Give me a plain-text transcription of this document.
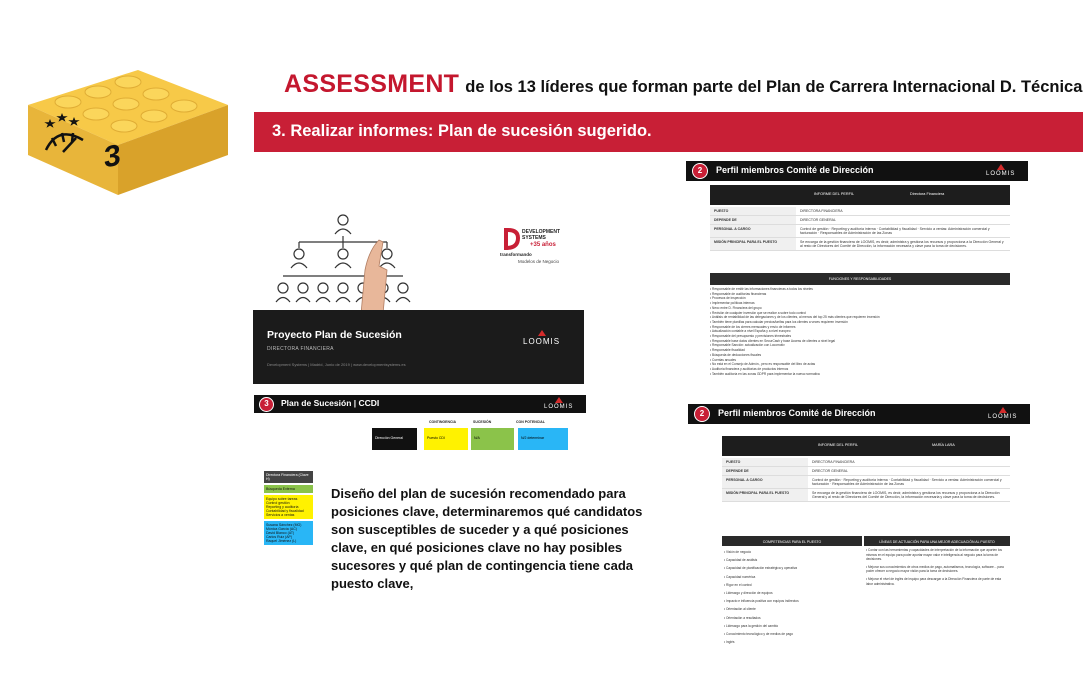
3
ASSESSMENT de los 13 líderes que forman parte del Plan de Carrera Internacional D. Técnica
3. Realizar informes: Plan de sucesión sugerido.
DEVELOPMENT
SYSTEMS
+35 años
transformando
Modelos de Negocio
Proyecto Plan de Sucesión
DIRECTORA FINANCIERA
Development Systems | Madrid, Junio de 2019 | www.developmentsystems.es
LOOMIS
3	Plan de Sucesión | CCDI	LOOMIS
Dirección General
CONTINGENCIA	SUCESIÓN	CON POTENCIAL
Puesto CDI	N/A	N/2 determinar
Directora Financiera (Clave H)
Búsqueda Externa
Equipo sobre tareas
Control gestión
Reporting y auditoría
Contabilidad y fiscalidad
Servicios a ventas
Susana Sánchez (MG)
Mónica García (AC)
David Blanco (AT)
Carlos Ruiz (AP)
Raquel Jiménez (L)
Diseño del plan de sucesión recomendado para posiciones clave, determinaremos qué candidatos son susceptibles de suceder y a qué posiciones clave, en qué posiciones clave no hay posibles sucesores y qué plan de contingencia tiene cada puesto clave,
2	Perfil miembros Comité de Dirección	LOOMIS
INFORME DEL PERFIL	Directora Financiera
PUESTO	DIRECTORA FINANCIERA
DEPENDE DE	DIRECTOR GENERAL
PERSONAL A CARGO	Control de gestión · Reporting y auditoría interna · Contabilidad y fiscalidad · Servicio a ventas: Administración comercial y facturación · Responsables de Administración de las Zonas
MISIÓN PRINCIPAL PARA EL PUESTO	Se encarga de la gestión financiera de LOOMIS, es decir, administra y gestiona los recursos y proporciona a la Dirección General y al resto de Directores del Comité de Dirección, la información necesaria y clave para la toma de decisiones.
FUNCIONES Y RESPONSABILIDADES
• Responsable de emitir las informaciones financieras a todos los niveles
• Responsable de auditorías financieras
• Procesos de inspección
• Implementar políticas internas
• Nexo entre D. Financiera del grupo
• Revisión de cualquier inversión que se realice a sobre todo control
• Análisis de rentabilidad de las delegaciones y de los clientes, al menos del top 25 más clientes que requieren inversión
• También tiene planillas para calcular precios/tarifas para los clientes a veces requieren inversión
• Responsable de los cierres mensuales y envío de informes
• Actualización contable a nivel España y a nivel europeo
• Responsable del presupuesto y previsiones trimestrales
• Responsable base datos clientes en SecurCash y base Access de clientes a nivel legal
• Responsable Sanción: actualización con Locomotiv
• Responsable fiscalidad
• Búsqueda de deducciones fiscales
• Cuentas anuales
• No está en el Consejo de Admón., pero es responsable del libro de actas
• Auditoría financiera y auditorías de productos internos
• También auditoría en las zonas GDPR para implementar la nueva normativa
2	Perfil miembros Comité de Dirección	LOOMIS
INFORME DEL PERFIL	MARÍA LARA
PUESTO	DIRECTORA FINANCIERA
DEPENDE DE	DIRECTOR GENERAL
PERSONAL A CARGO	Control de gestión · Reporting y auditoría interna · Contabilidad y fiscalidad · Servicio a ventas: Administración comercial y facturación · Responsables de Administración de las Zonas
MISIÓN PRINCIPAL PARA EL PUESTO	Se encarga de la gestión financiera de LOOMIS, es decir, administra y gestiona los recursos y proporciona a la Dirección General y al resto de Directores del Comité de Dirección, la información necesaria y clave para la toma de decisiones.
COMPETENCIAS PARA EL PUESTO	LÍNEAS DE ACTUACIÓN PARA UNA MEJOR ADECUACIÓN AL PUESTO
• Visión de negocio
• Capacidad de análisis
• Capacidad de planificación estratégica y operativa
• Capacidad numérica
• Rigor en el control
• Liderazgo y dirección de equipos
• Impacto e influencia positiva con equipos indirectos
• Orientación al cliente
• Orientación a resultados
• Liderazgo para la gestión del cambio
• Conocimiento tecnológico y de medios de pago
• Inglés
• Contar con las herramientas y capacidades de interpretación de la información que aporten los mismos en el equipo para poder aportar mayor valor e inteligencia al negocio para la toma de decisiones.
• Mejorar sus conocimientos de otros medios de pago, automatismos, tecnología, software... para poder ofrecer a negocio mayor visión para la toma de decisiones.
• Mejorar el nivel de inglés del equipo para descargar a la Dirección Financiera de parte de esta labor administrativa.
